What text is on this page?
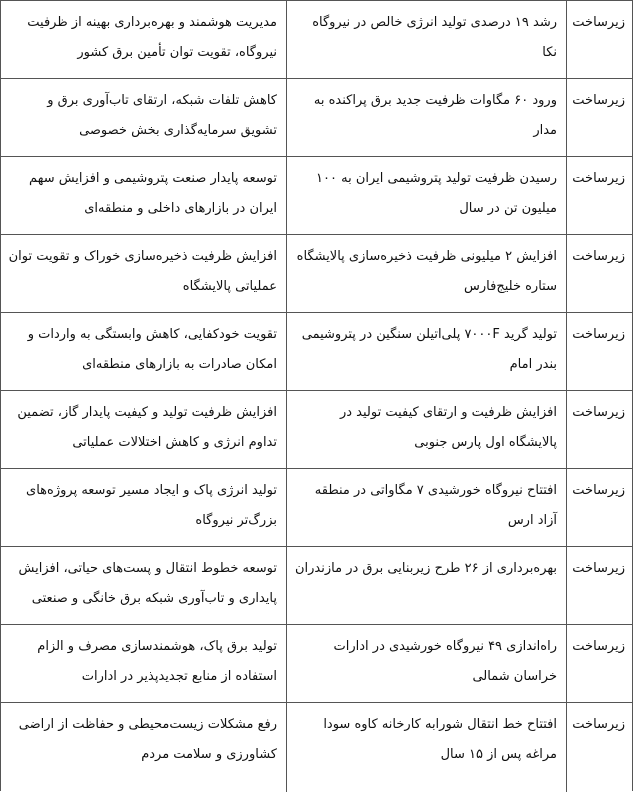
زیرساخت
رشد ۱۹ درصدی تولید انرژی خالص در نیروگاه نکا
مدیریت هوشمند و بهره‌برداری بهینه از ظرفیت نیروگاه، تقویت توان تأمین برق کشور
زیرساخت
ورود ۶۰ مگاوات ظرفیت جدید برق پراکنده به مدار
کاهش تلفات شبکه، ارتقای تاب‌آوری برق و تشویق سرمایه‌گذاری بخش خصوصی
زیرساخت
رسیدن ظرفیت تولید پتروشیمی ایران به ۱۰۰ میلیون تن در سال
توسعه پایدار صنعت پتروشیمی و افزایش سهم ایران در بازارهای داخلی و منطقه‌ای
زیرساخت
افزایش ۲ میلیونی ظرفیت ذخیره‌سازی پالایشگاه ستاره خلیج‌فارس
افزایش ظرفیت ذخیره‌سازی خوراک و تقویت توان عملیاتی پالایشگاه
زیرساخت
تولید گرید ۷۰۰۰F پلی‌اتیلن سنگین در پتروشیمی بندر امام
تقویت خودکفایی، کاهش وابستگی به واردات و امکان صادرات به بازارهای منطقه‌ای
زیرساخت
افزایش ظرفیت و ارتقای کیفیت تولید در پالایشگاه اول پارس جنوبی
افزایش ظرفیت تولید و کیفیت پایدار گاز، تضمین تداوم انرژی و کاهش اختلالات عملیاتی
زیرساخت
افتتاح نیروگاه خورشیدی ۷ مگاواتی در منطقه آزاد ارس
تولید انرژی پاک و ایجاد مسیر توسعه پروژه‌های بزرگ‌تر نیروگاه
زیرساخت
بهره‌برداری از ۲۶ طرح زیربنایی برق در مازندران
توسعه خطوط انتقال و پست‌های حیاتی، افزایش پایداری و تاب‌آوری شبکه برق خانگی و صنعتی
زیرساخت
راه‌اندازی ۴۹ نیروگاه خورشیدی در ادارات خراسان شمالی
تولید برق پاک، هوشمندسازی مصرف و الزام استفاده از منابع تجدیدپذیر در ادارات
زیرساخت
افتتاح خط انتقال شورابه کارخانه کاوه سودا مراغه پس از ۱۵ سال
رفع مشکلات زیست‌محیطی و حفاظت از اراضی کشاورزی و سلامت مردم
